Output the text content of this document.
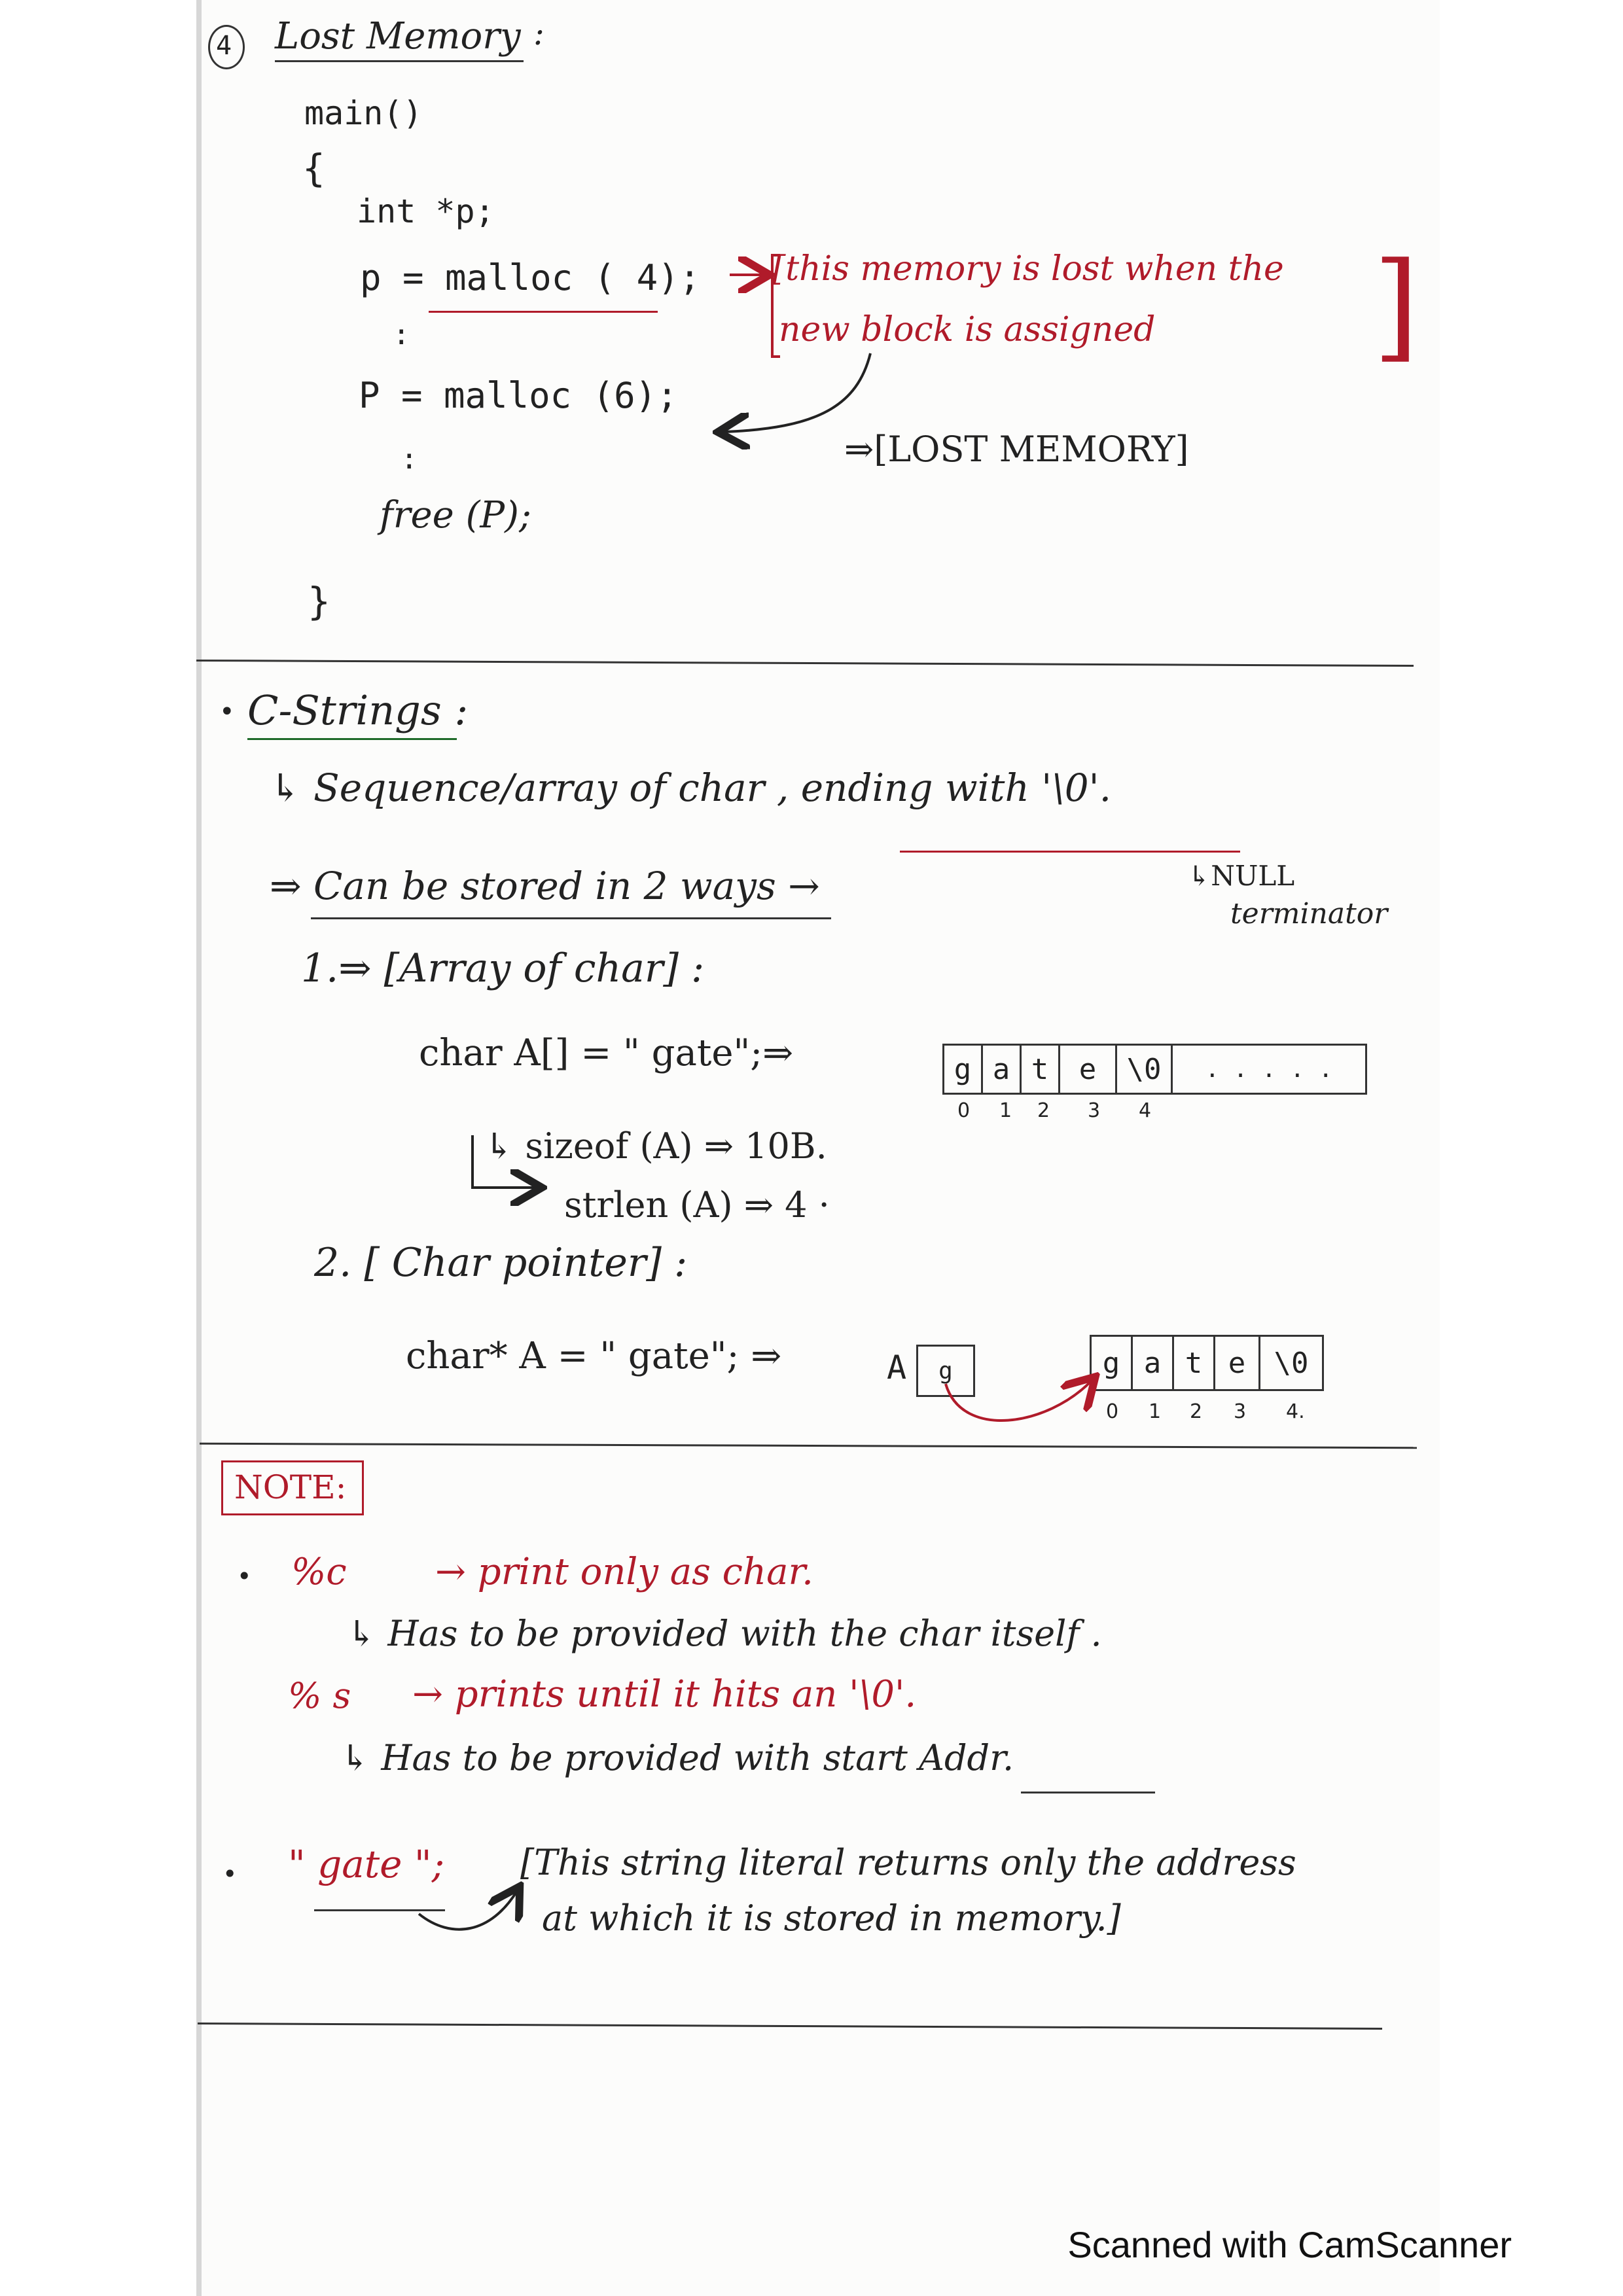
4 Lost Memory :
main()
{
int *p;
p = malloc ( 4);
:
P = malloc (6);
:
free (P);
}
[this memory is lost when the
new block is assigned ]
⇒[LOST MEMORY]
• C-Strings :
↳ Sequence/array of char , ending with '\0'.
↳NULL
terminator
⇒ Can be stored in 2 ways →
1.⇒ [Array of char] :
char A[] = " gate";⇒	g a t	e	\0	. . . . .
0 1 2 3 4
↳ sizeof (A) ⇒ 10B.
strlen (A) ⇒ 4 ·
2. [ Char pointer] :
char* A = " gate"; ⇒	A	g	g a t e \0
0 1 2 3 4.
NOTE:
• %c → print only as char.
↳ Has to be provided with the char itself .
% s → prints until it hits an '\0'.
↳ Has to be provided with start Addr.
• " gate "; [This string literal returns only the address
at which it is stored in memory.]
Scanned with CamScanner
